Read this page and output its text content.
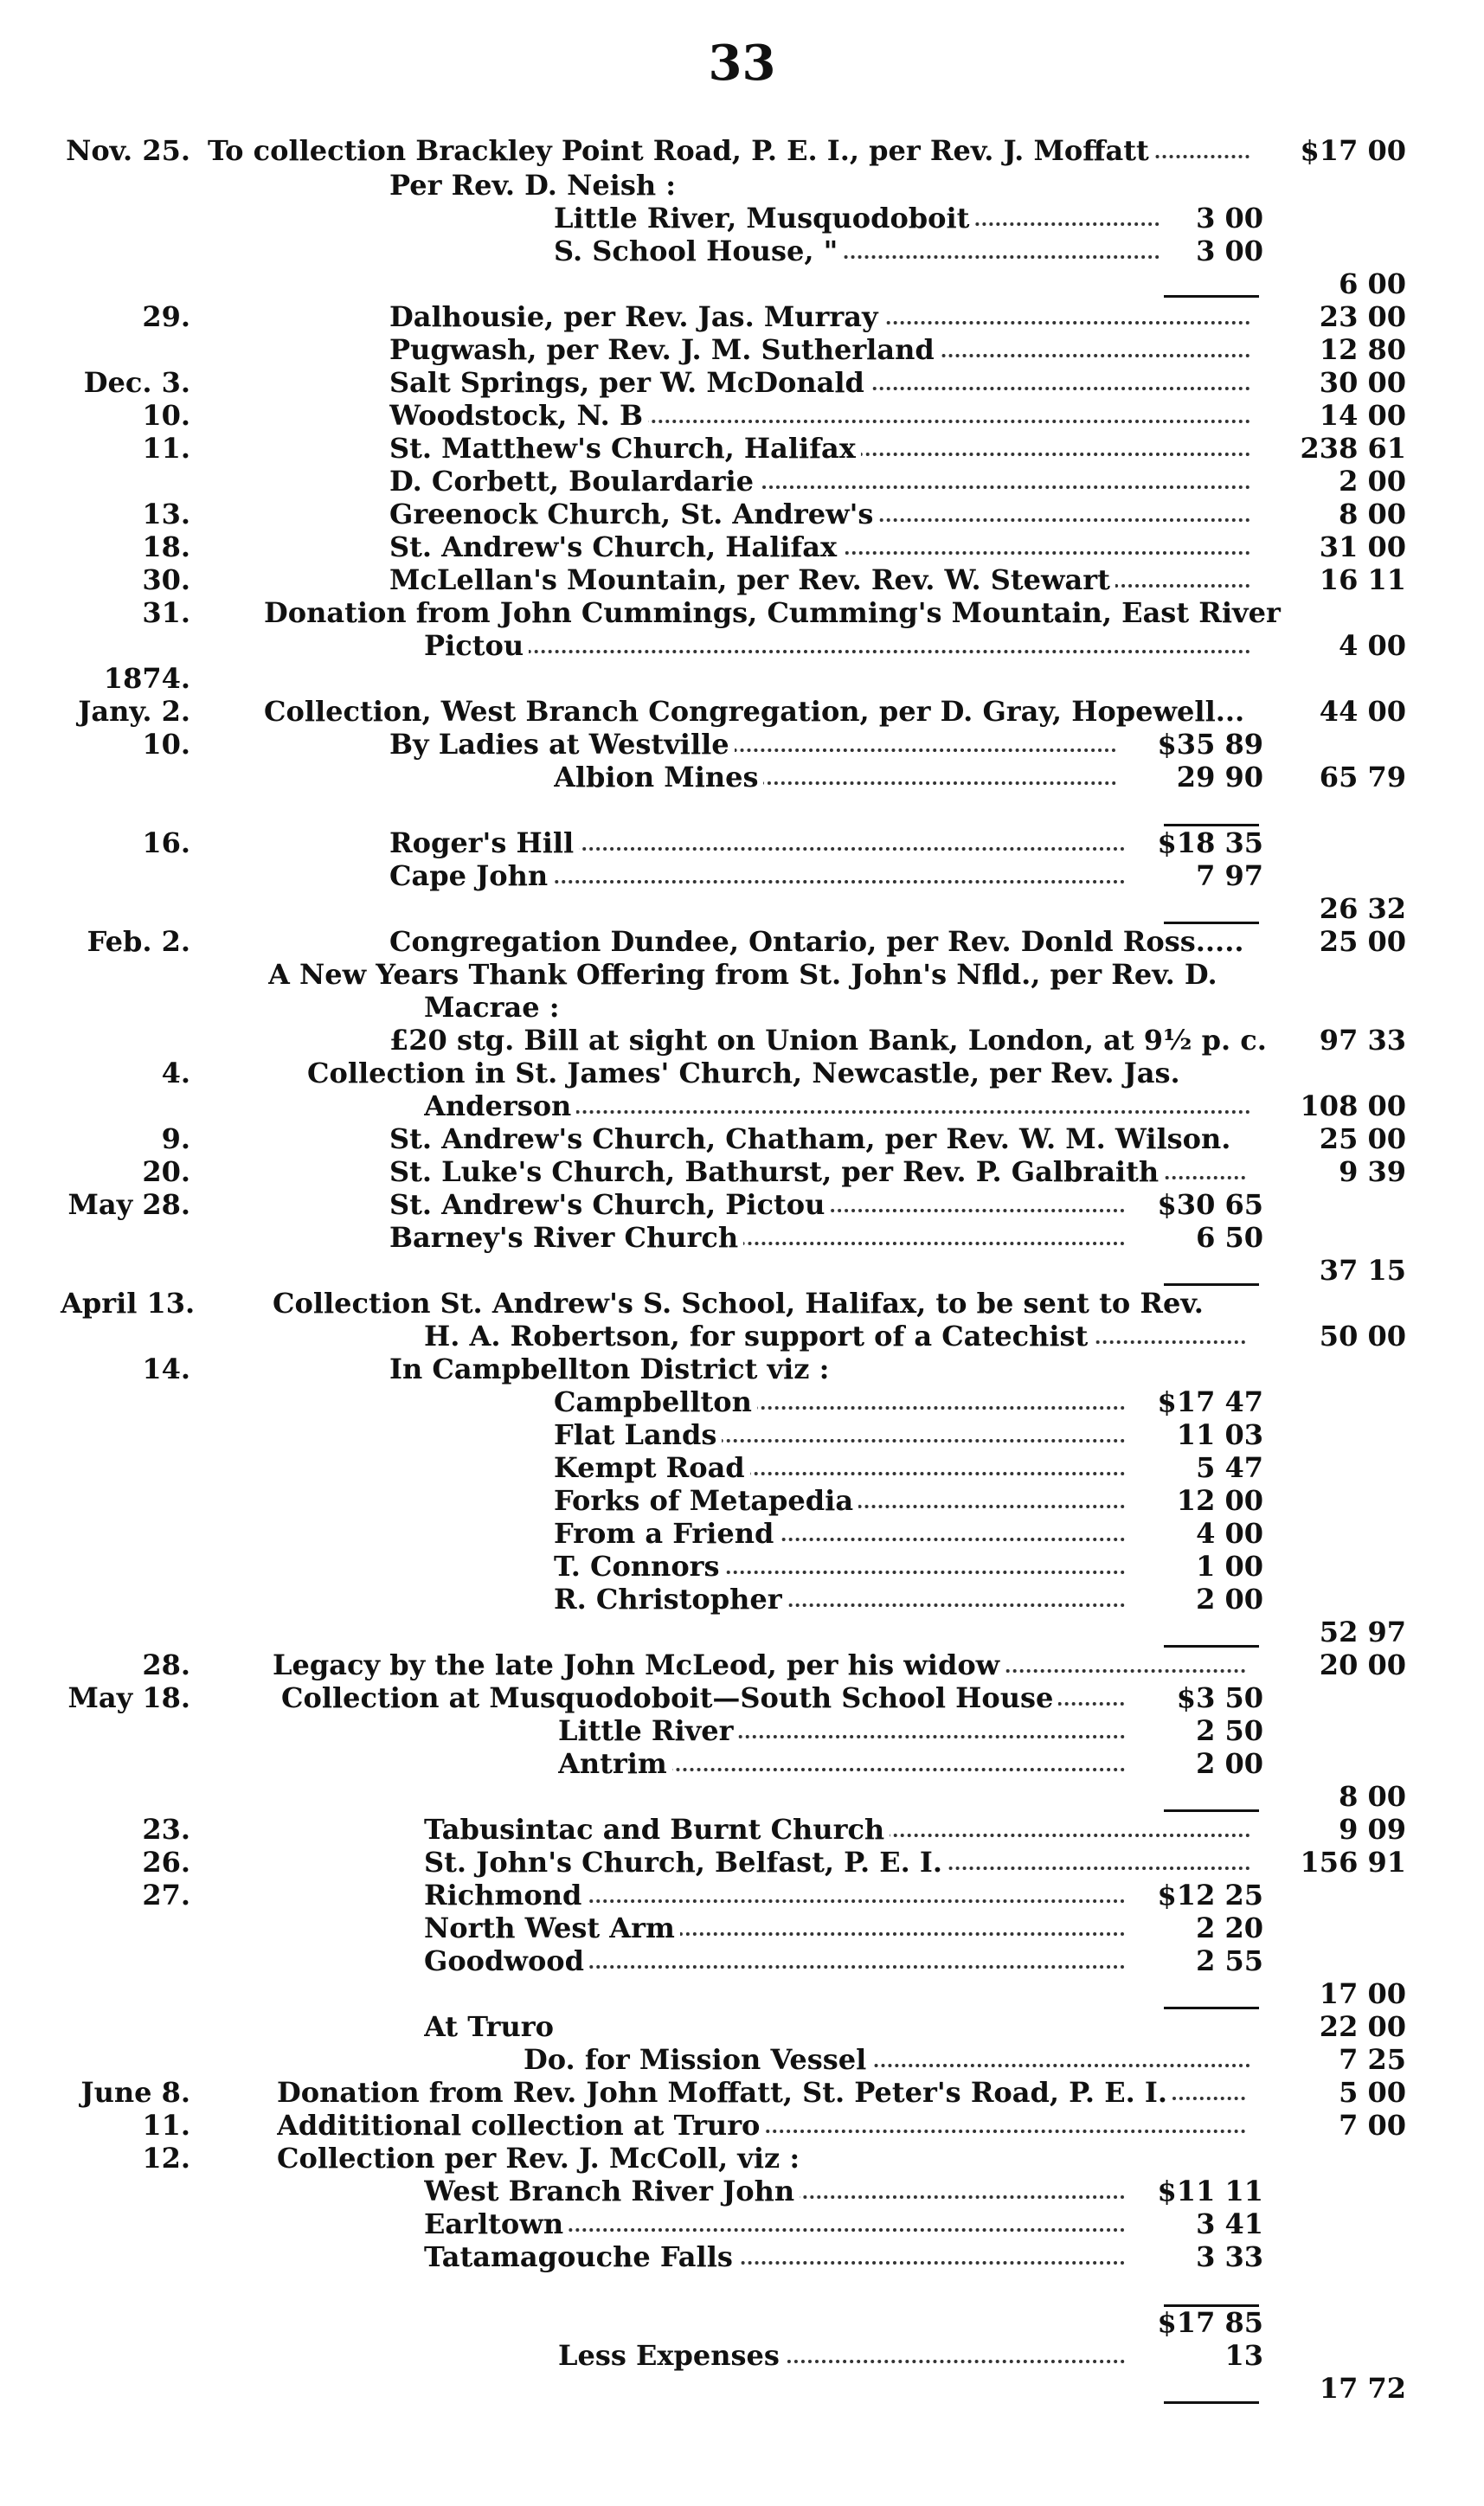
33
Nov. 25. To collection Brackley Point Road, P. E. I., per Rev. J. Moffatt	$17 00
Per Rev. D. Neish :
Little River, Musquodoboit	3 00
S. School House, "	3 00
6 00
29.	Dalhousie, per Rev. Jas. Murray	23 00
Pugwash, per Rev. J. M. Sutherland	12 80
Dec. 3.	Salt Springs, per W. McDonald	30 00
10.	Woodstock, N. B	14 00
11.	St. Matthew's Church, Halifax	238 61
D. Corbett, Boulardarie	2 00
13.	Greenock Church, St. Andrew's	8 00
18.	St. Andrew's Church, Halifax	31 00
30.	McLellan's Mountain, per Rev. Rev. W. Stewart	16 11
31.	Donation from John Cummings, Cumming's Mountain, East River
Pictou	4 00
1874.
Jany. 2.	Collection, West Branch Congregation, per D. Gray, Hopewell...	44 00
10.	By Ladies at Westville	$35 89
Albion Mines	29 90	65 79
16.	Roger's Hill	$18 35
Cape John	7 97
26 32
Feb. 2.	Congregation Dundee, Ontario, per Rev. Donld Ross.....	25 00
A New Years Thank Offering from St. John's Nfld., per Rev. D.
Macrae :
£20 stg. Bill at sight on Union Bank, London, at 9½ p. c.	97 33
4.	Collection in St. James' Church, Newcastle, per Rev. Jas.
Anderson	108 00
9.	St. Andrew's Church, Chatham, per Rev. W. M. Wilson.	25 00
20.	St. Luke's Church, Bathurst, per Rev. P. Galbraith	9 39
May 28.	St. Andrew's Church, Pictou	$30 65
Barney's River Church	6 50
37 15
April 13.	Collection St. Andrew's S. School, Halifax, to be sent to Rev.
H. A. Robertson, for support of a Catechist	50 00
14.	In Campbellton District viz :
Campbellton	$17 47
Flat Lands	11 03
Kempt Road	5 47
Forks of Metapedia	12 00
From a Friend	4 00
T. Connors	1 00
R. Christopher	2 00
52 97
28.	Legacy by the late John McLeod, per his widow	20 00
May 18.	Collection at Musquodoboit—South School House	$3 50
Little River	2 50
Antrim	2 00
8 00
23.	Tabusintac and Burnt Church	9 09
26.	St. John's Church, Belfast, P. E. I.	156 91
27.	Richmond	$12 25
North West Arm	2 20
Goodwood	2 55
17 00
At Truro	22 00
Do. for Mission Vessel	7 25
June 8.	Donation from Rev. John Moffatt, St. Peter's Road, P. E. I.	5 00
11.	Addititional collection at Truro	7 00
12.	Collection per Rev. J. McColl, viz :
West Branch River John	$11 11
Earltown	3 41
Tatamagouche Falls	3 33
$17 85
Less Expenses	13
17 72
